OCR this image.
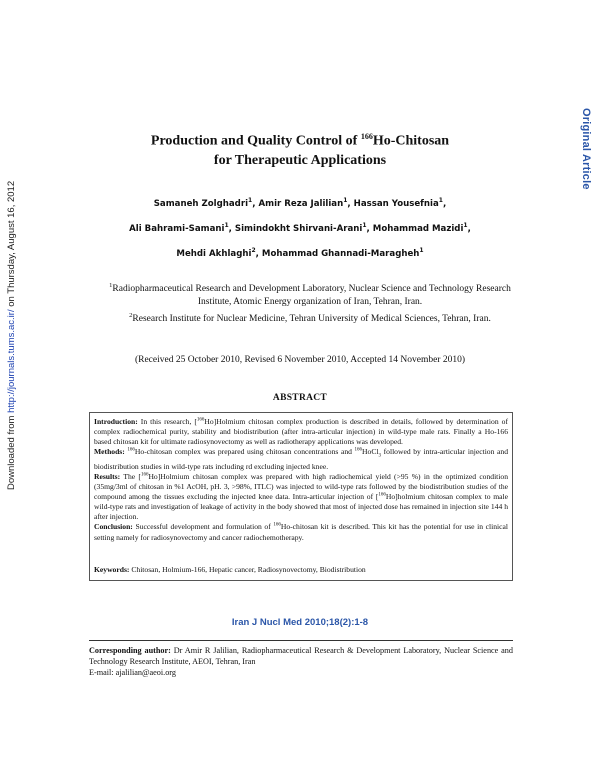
Downloaded from http://journals.tums.ac.ir/ on Thursday, August 16, 2012
Original Article
Production and Quality Control of $^{166}$Ho-Chitosan
for Therapeutic Applications
Samaneh Zolghadri$^1$, Amir Reza Jalilian$^1$, Hassan Yousefnia$^1$,
Ali Bahrami-Samani$^1$, Simindokht Shirvani-Arani$^1$, Mohammad Mazidi$^1$,
Mehdi Akhlaghi$^2$, Mohammad Ghannadi-Maragheh$^1$
$^1$Radiopharmaceutical Research and Development Laboratory, Nuclear Science and Technology Research Institute, Atomic Energy organization of Iran, Tehran, Iran.
$^2$Research Institute for Nuclear Medicine, Tehran University of Medical Sciences, Tehran, Iran.
(Received 25 October 2010, Revised 6 November 2010, Accepted 14 November 2010)
ABSTRACT

Introduction: In this research, [$^{166}$Ho]Holmium chitosan complex production is described in details, followed by determination of complex radiochemical purity, stability and biodistribution (after intra-articular injection) in wild-type male rats. Finally a Ho-166 based chitosan kit for ultimate radiosynovectomy as well as radiotherapy applications was developed.

Methods: $^{166}$Ho-chitosan complex was prepared using chitosan concentrations and $^{166}$HoCl$_3$ followed by intra-articular injection and biodistribution studies in wild-type rats including rd excluding injected knee.

Results: The [$^{166}$Ho]Holmium chitosan complex was prepared with high radiochemical yield (>95 %) in the optimized condition (35mg/3ml of chitosan in %1 AcOH, pH. 3, >98%, ITLC) was injected to wild-type rats followed by the biodistribution studies of the compound among the tissues excluding the injected knee data. Intra-articular injection of [$^{166}$Ho]holmium chitosan complex to male wild-type rats and investigation of leakage of activity in the body showed that most of injected dose has remained in injection site 144 h after injection.

Conclusion: Successful development and formulation of $^{166}$Ho-chitosan kit is described. This kit has the potential for use in clinical setting namely for radiosynovectomy and cancer radiochemotherapy.

Keywords: Chitosan, Holmium-166, Hepatic cancer, Radiosynovectomy, Biodistribution

Iran J Nucl Med 2010;18(2):1-8

Corresponding author: Dr Amir R Jalilian, Radiopharmaceutical Research & Development Laboratory, Nuclear Science and Technology Research Institute, AEOI, Tehran, Iran

E-mail: ajalilian@aeoi.org
